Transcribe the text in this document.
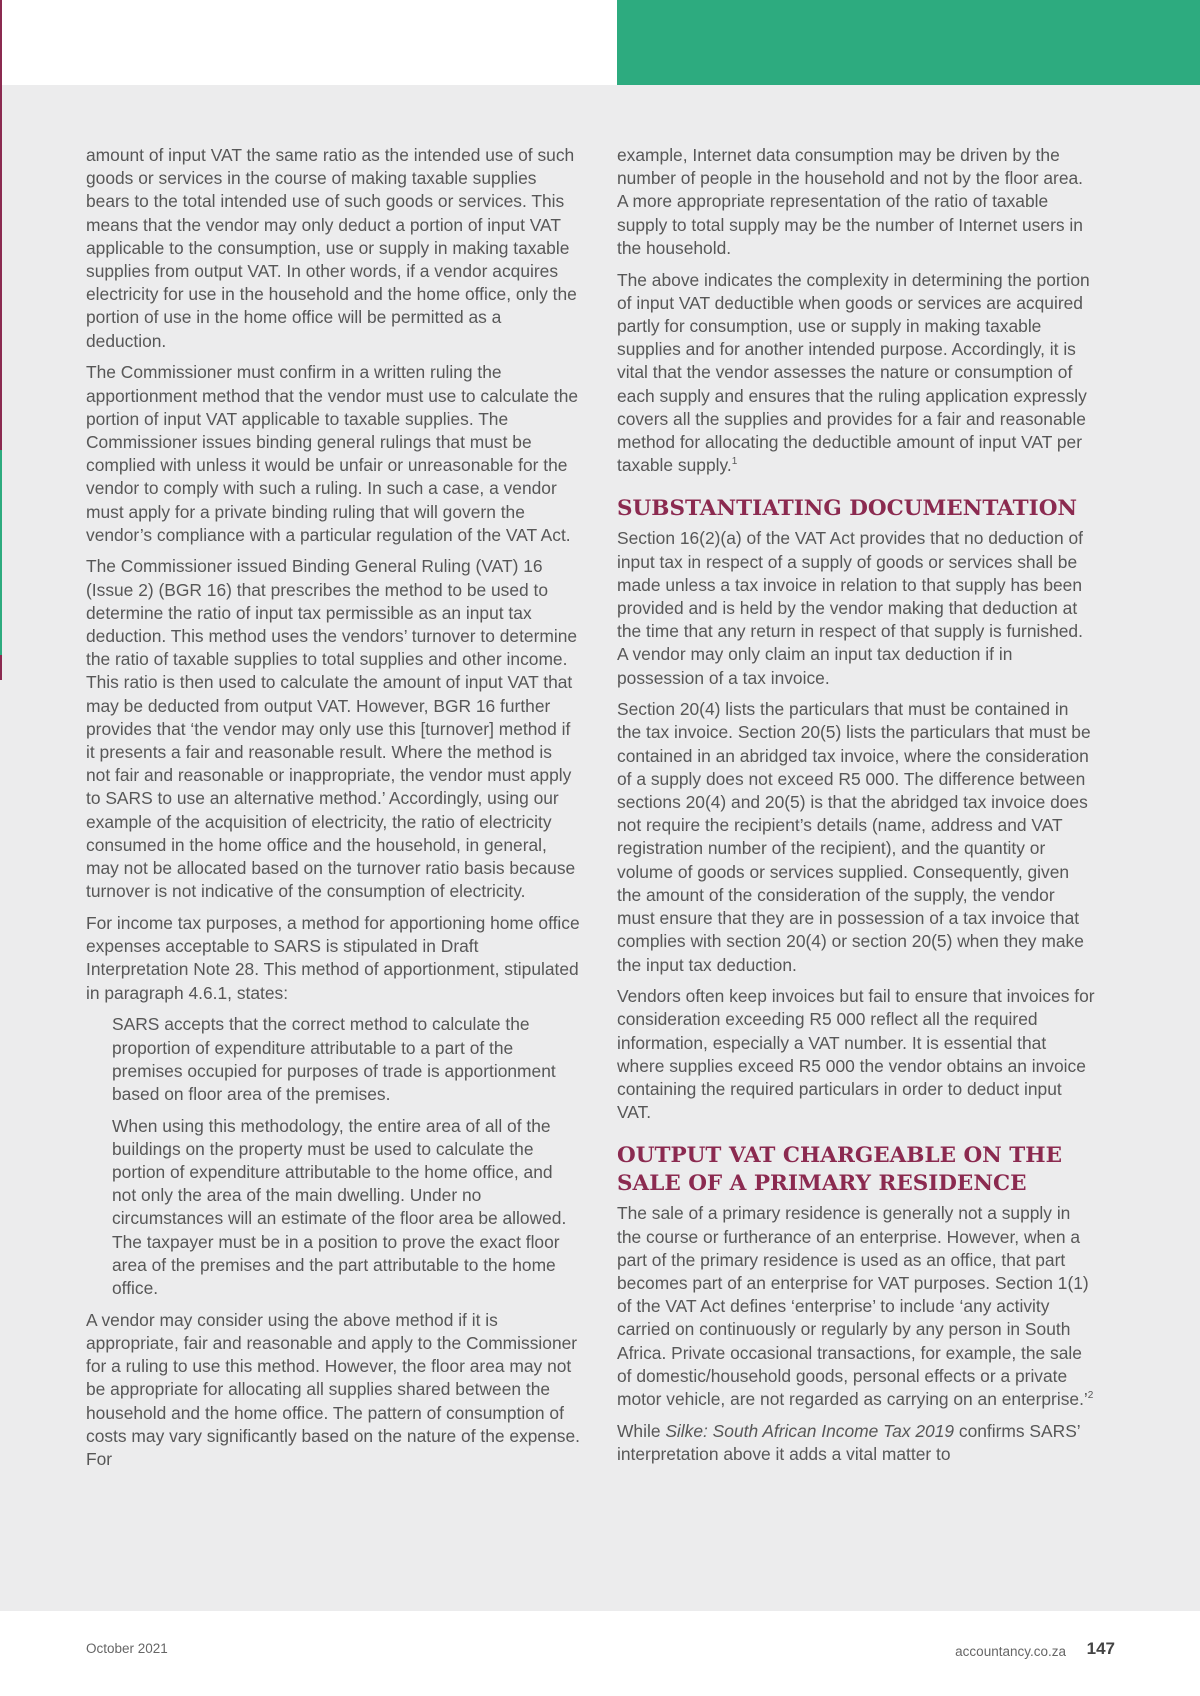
amount of input VAT the same ratio as the intended use of such goods or services in the course of making taxable supplies bears to the total intended use of such goods or services. This means that the vendor may only deduct a portion of input VAT applicable to the consumption, use or supply in making taxable supplies from output VAT. In other words, if a vendor acquires electricity for use in the household and the home office, only the portion of use in the home office will be permitted as a deduction.

The Commissioner must confirm in a written ruling the apportionment method that the vendor must use to calculate the portion of input VAT applicable to taxable supplies. The Commissioner issues binding general rulings that must be complied with unless it would be unfair or unreasonable for the vendor to comply with such a ruling. In such a case, a vendor must apply for a private binding ruling that will govern the vendor’s compliance with a particular regulation of the VAT Act.

The Commissioner issued Binding General Ruling (VAT) 16 (Issue 2) (BGR 16) that prescribes the method to be used to determine the ratio of input tax permissible as an input tax deduction. This method uses the vendors’ turnover to determine the ratio of taxable supplies to total supplies and other income. This ratio is then used to calculate the amount of input VAT that may be deducted from output VAT. However, BGR 16 further provides that ‘the vendor may only use this [turnover] method if it presents a fair and reasonable result. Where the method is not fair and reasonable or inappropriate, the vendor must apply to SARS to use an alternative method.’ Accordingly, using our example of the acquisition of electricity, the ratio of electricity consumed in the home office and the household, in general, may not be allocated based on the turnover ratio basis because turnover is not indicative of the consumption of electricity.

For income tax purposes, a method for apportioning home office expenses acceptable to SARS is stipulated in Draft Interpretation Note 28. This method of apportionment, stipulated in paragraph 4.6.1, states:

SARS accepts that the correct method to calculate the proportion of expenditure attributable to a part of the premises occupied for purposes of trade is apportionment based on floor area of the premises.

When using this methodology, the entire area of all of the buildings on the property must be used to calculate the portion of expenditure attributable to the home office, and not only the area of the main dwelling. Under no circumstances will an estimate of the floor area be allowed. The taxpayer must be in a position to prove the exact floor area of the premises and the part attributable to the home office.

A vendor may consider using the above method if it is appropriate, fair and reasonable and apply to the Commissioner for a ruling to use this method. However, the floor area may not be appropriate for allocating all supplies shared between the household and the home office. The pattern of consumption of costs may vary significantly based on the nature of the expense. For

example, Internet data consumption may be driven by the number of people in the household and not by the floor area. A more appropriate representation of the ratio of taxable supply to total supply may be the number of Internet users in the household.

The above indicates the complexity in determining the portion of input VAT deductible when goods or services are acquired partly for consumption, use or supply in making taxable supplies and for another intended purpose. Accordingly, it is vital that the vendor assesses the nature or consumption of each supply and ensures that the ruling application expressly covers all the supplies and provides for a fair and reasonable method for allocating the deductible amount of input VAT per taxable supply.$^1$

SUBSTANTIATING DOCUMENTATION

Section 16(2)(a) of the VAT Act provides that no deduction of input tax in respect of a supply of goods or services shall be made unless a tax invoice in relation to that supply has been provided and is held by the vendor making that deduction at the time that any return in respect of that supply is furnished. A vendor may only claim an input tax deduction if in possession of a tax invoice.

Section 20(4) lists the particulars that must be contained in the tax invoice. Section 20(5) lists the particulars that must be contained in an abridged tax invoice, where the consideration of a supply does not exceed R5 000. The difference between sections 20(4) and 20(5) is that the abridged tax invoice does not require the recipient’s details (name, address and VAT registration number of the recipient), and the quantity or volume of goods or services supplied. Consequently, given the amount of the consideration of the supply, the vendor must ensure that they are in possession of a tax invoice that complies with section 20(4) or section 20(5) when they make the input tax deduction.

Vendors often keep invoices but fail to ensure that invoices for consideration exceeding R5 000 reflect all the required information, especially a VAT number. It is essential that where supplies exceed R5 000 the vendor obtains an invoice containing the required particulars in order to deduct input VAT.

OUTPUT VAT CHARGEABLE ON THE SALE OF A PRIMARY RESIDENCE

The sale of a primary residence is generally not a supply in the course or furtherance of an enterprise. However, when a part of the primary residence is used as an office, that part becomes part of an enterprise for VAT purposes. Section 1(1) of the VAT Act defines ‘enterprise’ to include ‘any activity carried on continuously or regularly by any person in South Africa. Private occasional transactions, for example, the sale of domestic/household goods, personal effects or a private motor vehicle, are not regarded as carrying on an enterprise.’$^2$

While Silke: South African Income Tax 2019 confirms SARS’ interpretation above it adds a vital matter to

October 2021	accountancy.co.za 147
